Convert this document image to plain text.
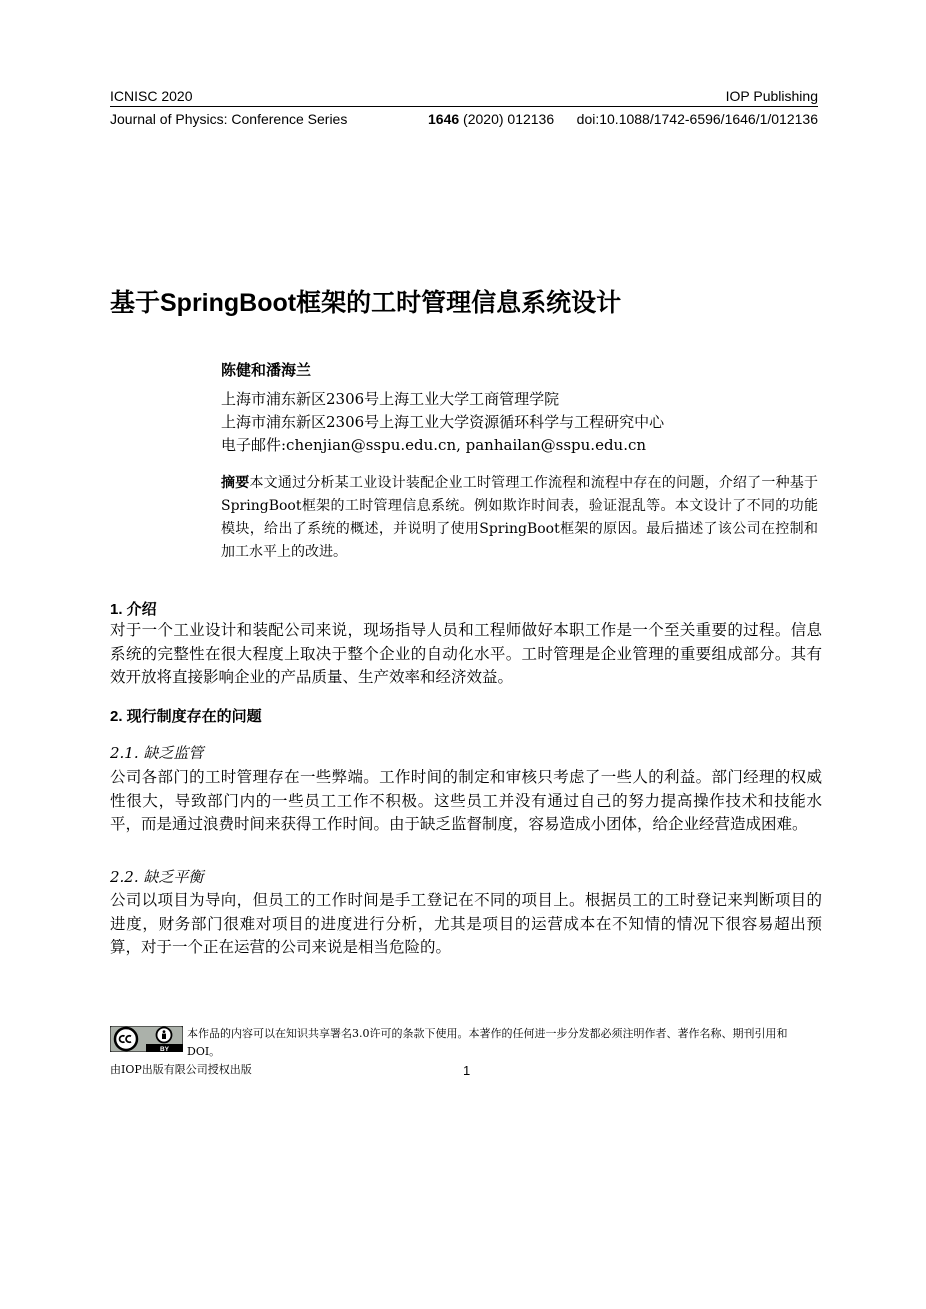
ICNISC 2020	IOP Publishing
Journal of Physics: Conference Series	1646 (2020) 012136 doi:10.1088/1742-6596/1646/1/012136
基于SpringBoot框架的工时管理信息系统设计
陈健和潘海兰
上海市浦东新区2306号上海工业大学工商管理学院
上海市浦东新区2306号上海工业大学资源循环科学与工程研究中心
电子邮件:chenjian@sspu.edu.cn, panhailan@sspu.edu.cn
摘要本文通过分析某工业设计装配企业工时管理工作流程和流程中存在的问题，介绍了一种基于SpringBoot框架的工时管理信息系统。例如欺诈时间表，验证混乱等。本文设计了不同的功能模块，给出了系统的概述，并说明了使用SpringBoot框架的原因。最后描述了该公司在控制和加工水平上的改进。
1. 介绍
对于一个工业设计和装配公司来说，现场指导人员和工程师做好本职工作是一个至关重要的过程。信息系统的完整性在很大程度上取决于整个企业的自动化水平。工时管理是企业管理的重要组成部分。其有效开放将直接影响企业的产品质量、生产效率和经济效益。
2. 现行制度存在的问题
2.1. 缺乏监管
公司各部门的工时管理存在一些弊端。工作时间的制定和审核只考虑了一些人的利益。部门经理的权威性很大，导致部门内的一些员工工作不积极。这些员工并没有通过自己的努力提高操作技术和技能水平，而是通过浪费时间来获得工作时间。由于缺乏监督制度，容易造成小团体，给企业经营造成困难。
2.2. 缺乏平衡
公司以项目为导向，但员工的工作时间是手工登记在不同的项目上。根据员工的工时登记来判断项目的进度，财务部门很难对项目的进度进行分析，尤其是项目的运营成本在不知情的情况下很容易超出预算，对于一个正在运营的公司来说是相当危险的。
BY
本作品的内容可以在知识共享署名3.0许可的条款下使用。本著作的任何进一步分发都必须注明作者、著作名称、期刊引用和DOI。
由IOP出版有限公司授权出版	1
